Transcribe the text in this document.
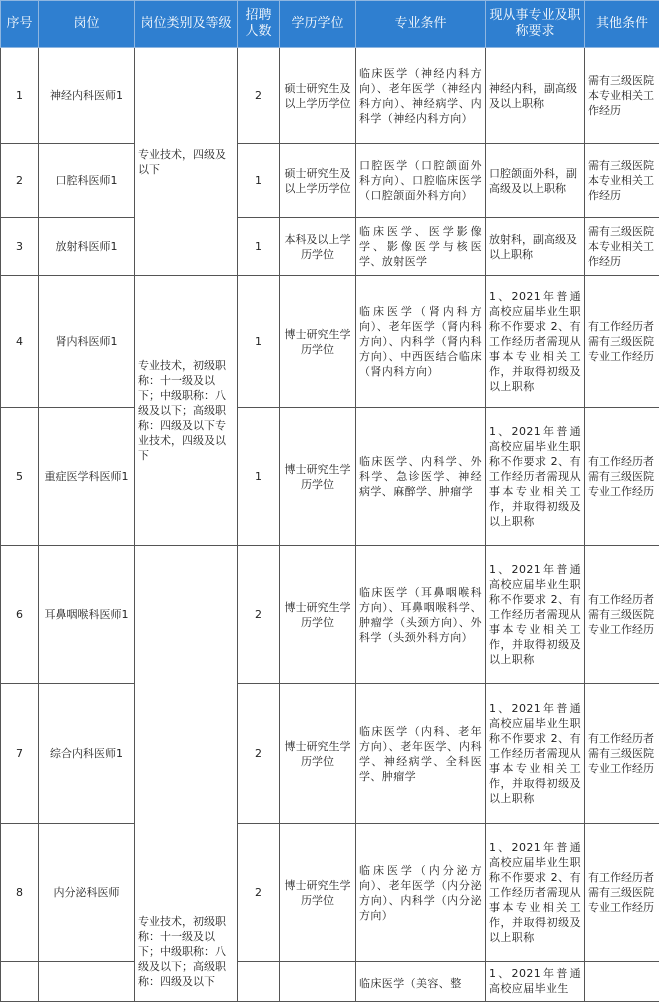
序号	岗位	岗位类别及等级	招聘人数	学历学位	专业条件	现从事专业及职称要求	其他条件
1	神经内科医师1	专业技术，四级及以下	2	硕士研究生及以上学历学位	临床医学（神经内科方向）、老年医学（神经内科方向）、神经病学、内科学（神经内科方向）	神经内科，副高级及以上职称	需有三级医院本专业相关工作经历
2	口腔科医师1		1	硕士研究生及以上学历学位	口腔医学（口腔颌面外科方向）、口腔临床医学（口腔颌面外科方向）	口腔颌面外科，副高级及以上职称	需有三级医院本专业相关工作经历
3	放射科医师1		1	本科及以上学历学位	临床医学、医学影像学、影像医学与核医学、放射医学	放射科，副高级及以上职称	需有三级医院本专业相关工作经历
4	肾内科医师1	专业技术，初级职称：十一级及以下；中级职称：八级及以下；高级职称：四级及以下专业技术，四级及以下	1	博士研究生学历学位	临床医学（肾内科方向）、老年医学（肾内科方向）、内科学（肾内科方向）、中西医结合临床（肾内科方向）	1、2021年普通高校应届毕业生职称不作要求 2、有工作经历者需现从事本专业相关工作，并取得初级及以上职称	有工作经历者需有三级医院专业工作经历
5	重症医学科医师1		1	博士研究生学历学位	临床医学、内科学、外科学、急诊医学、神经病学、麻醉学、肿瘤学	1、2021年普通高校应届毕业生职称不作要求 2、有工作经历者需现从事本专业相关工作，并取得初级及以上职称	有工作经历者需有三级医院专业工作经历
6	耳鼻咽喉科医师1	专业技术，初级职称：十一级及以下；中级职称：八级及以下；高级职称：四级及以下	2	博士研究生学历学位	临床医学（耳鼻咽喉科方向）、耳鼻咽喉科学、肿瘤学（头颈方向）、外科学（头颈外科方向）	1、2021年普通高校应届毕业生职称不作要求 2、有工作经历者需现从事本专业相关工作，并取得初级及以上职称	有工作经历者需有三级医院专业工作经历
7	综合内科医师1		2	博士研究生学历学位	临床医学（内科、老年方向）、老年医学、内科学、神经病学、全科医学、肿瘤学	1、2021年普通高校应届毕业生职称不作要求 2、有工作经历者需现从事本专业相关工作，并取得初级及以上职称	有工作经历者需有三级医院专业工作经历
8	内分泌科医师		2	博士研究生学历学位	临床医学（内分泌方向）、老年医学（内分泌方向）、内科学（内分泌方向）	1、2021年普通高校应届毕业生职称不作要求 2、有工作经历者需现从事本专业相关工作，并取得初级及以上职称	有工作经历者需有三级医院专业工作经历
					临床医学（美容、整	1、2021年普通高校应届毕业生	
